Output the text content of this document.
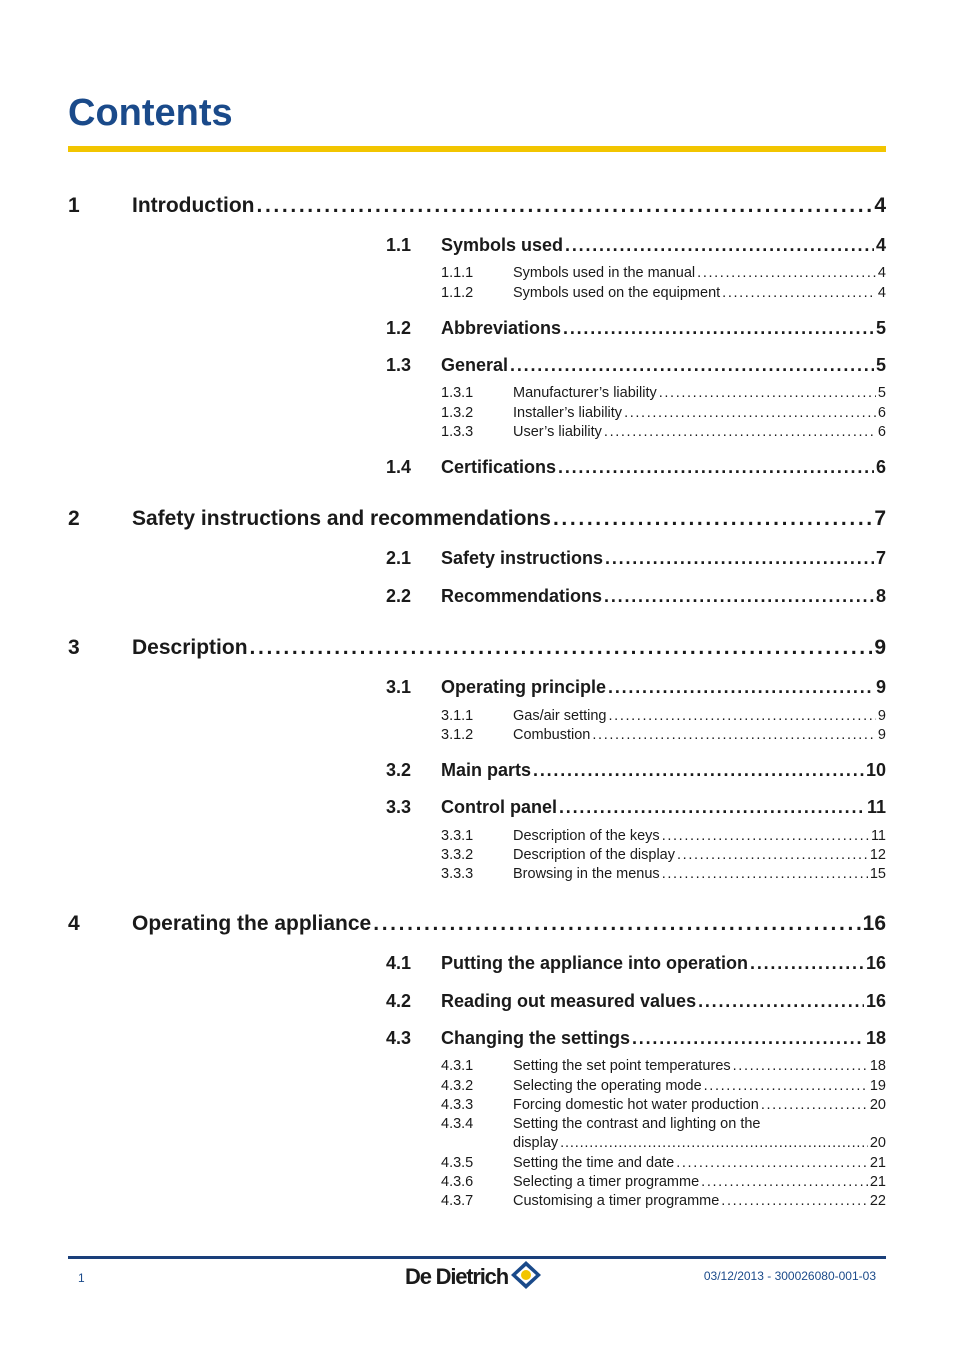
Contents
1	Introduction . . .	4
1.1	Symbols used . . .	4
1.1.1	Symbols used in the manual . . .	4
1.1.2	Symbols used on the equipment . . .	4
1.2	Abbreviations . . .	5
1.3	General . . .	5
1.3.1	Manufacturer’s liability . . .	5
1.3.2	Installer’s liability . . .	6
1.3.3	User’s liability . . .	6
1.4	Certifications . . .	6
2	Safety instructions and recommendations . . .	7
2.1	Safety instructions . . .	7
2.2	Recommendations . . .	8
3	Description . . .	9
3.1	Operating principle . . .	9
3.1.1	Gas/air setting . . .	9
3.1.2	Combustion . . .	9
3.2	Main parts . . .	10
3.3	Control panel . . .	11
3.3.1	Description of the keys . . .	11
3.3.2	Description of the display . . .	12
3.3.3	Browsing in the menus . . .	15
4	Operating the appliance . . .	16
4.1	Putting the appliance into operation . . .	16
4.2	Reading out measured values . . .	16
4.3	Changing the settings . . .	18
4.3.1	Setting the set point temperatures . . .	18
4.3.2	Selecting the operating mode . . .	19
4.3.3	Forcing domestic hot water production . . .	20
4.3.4	Setting the contrast and lighting on the
display . . .	20
4.3.5	Setting the time and date . . .	21
4.3.6	Selecting a timer programme . . .	21
4.3.7	Customising a timer programme . . .	22
1	De Dietrich	03/12/2013 - 300026080-001-03
